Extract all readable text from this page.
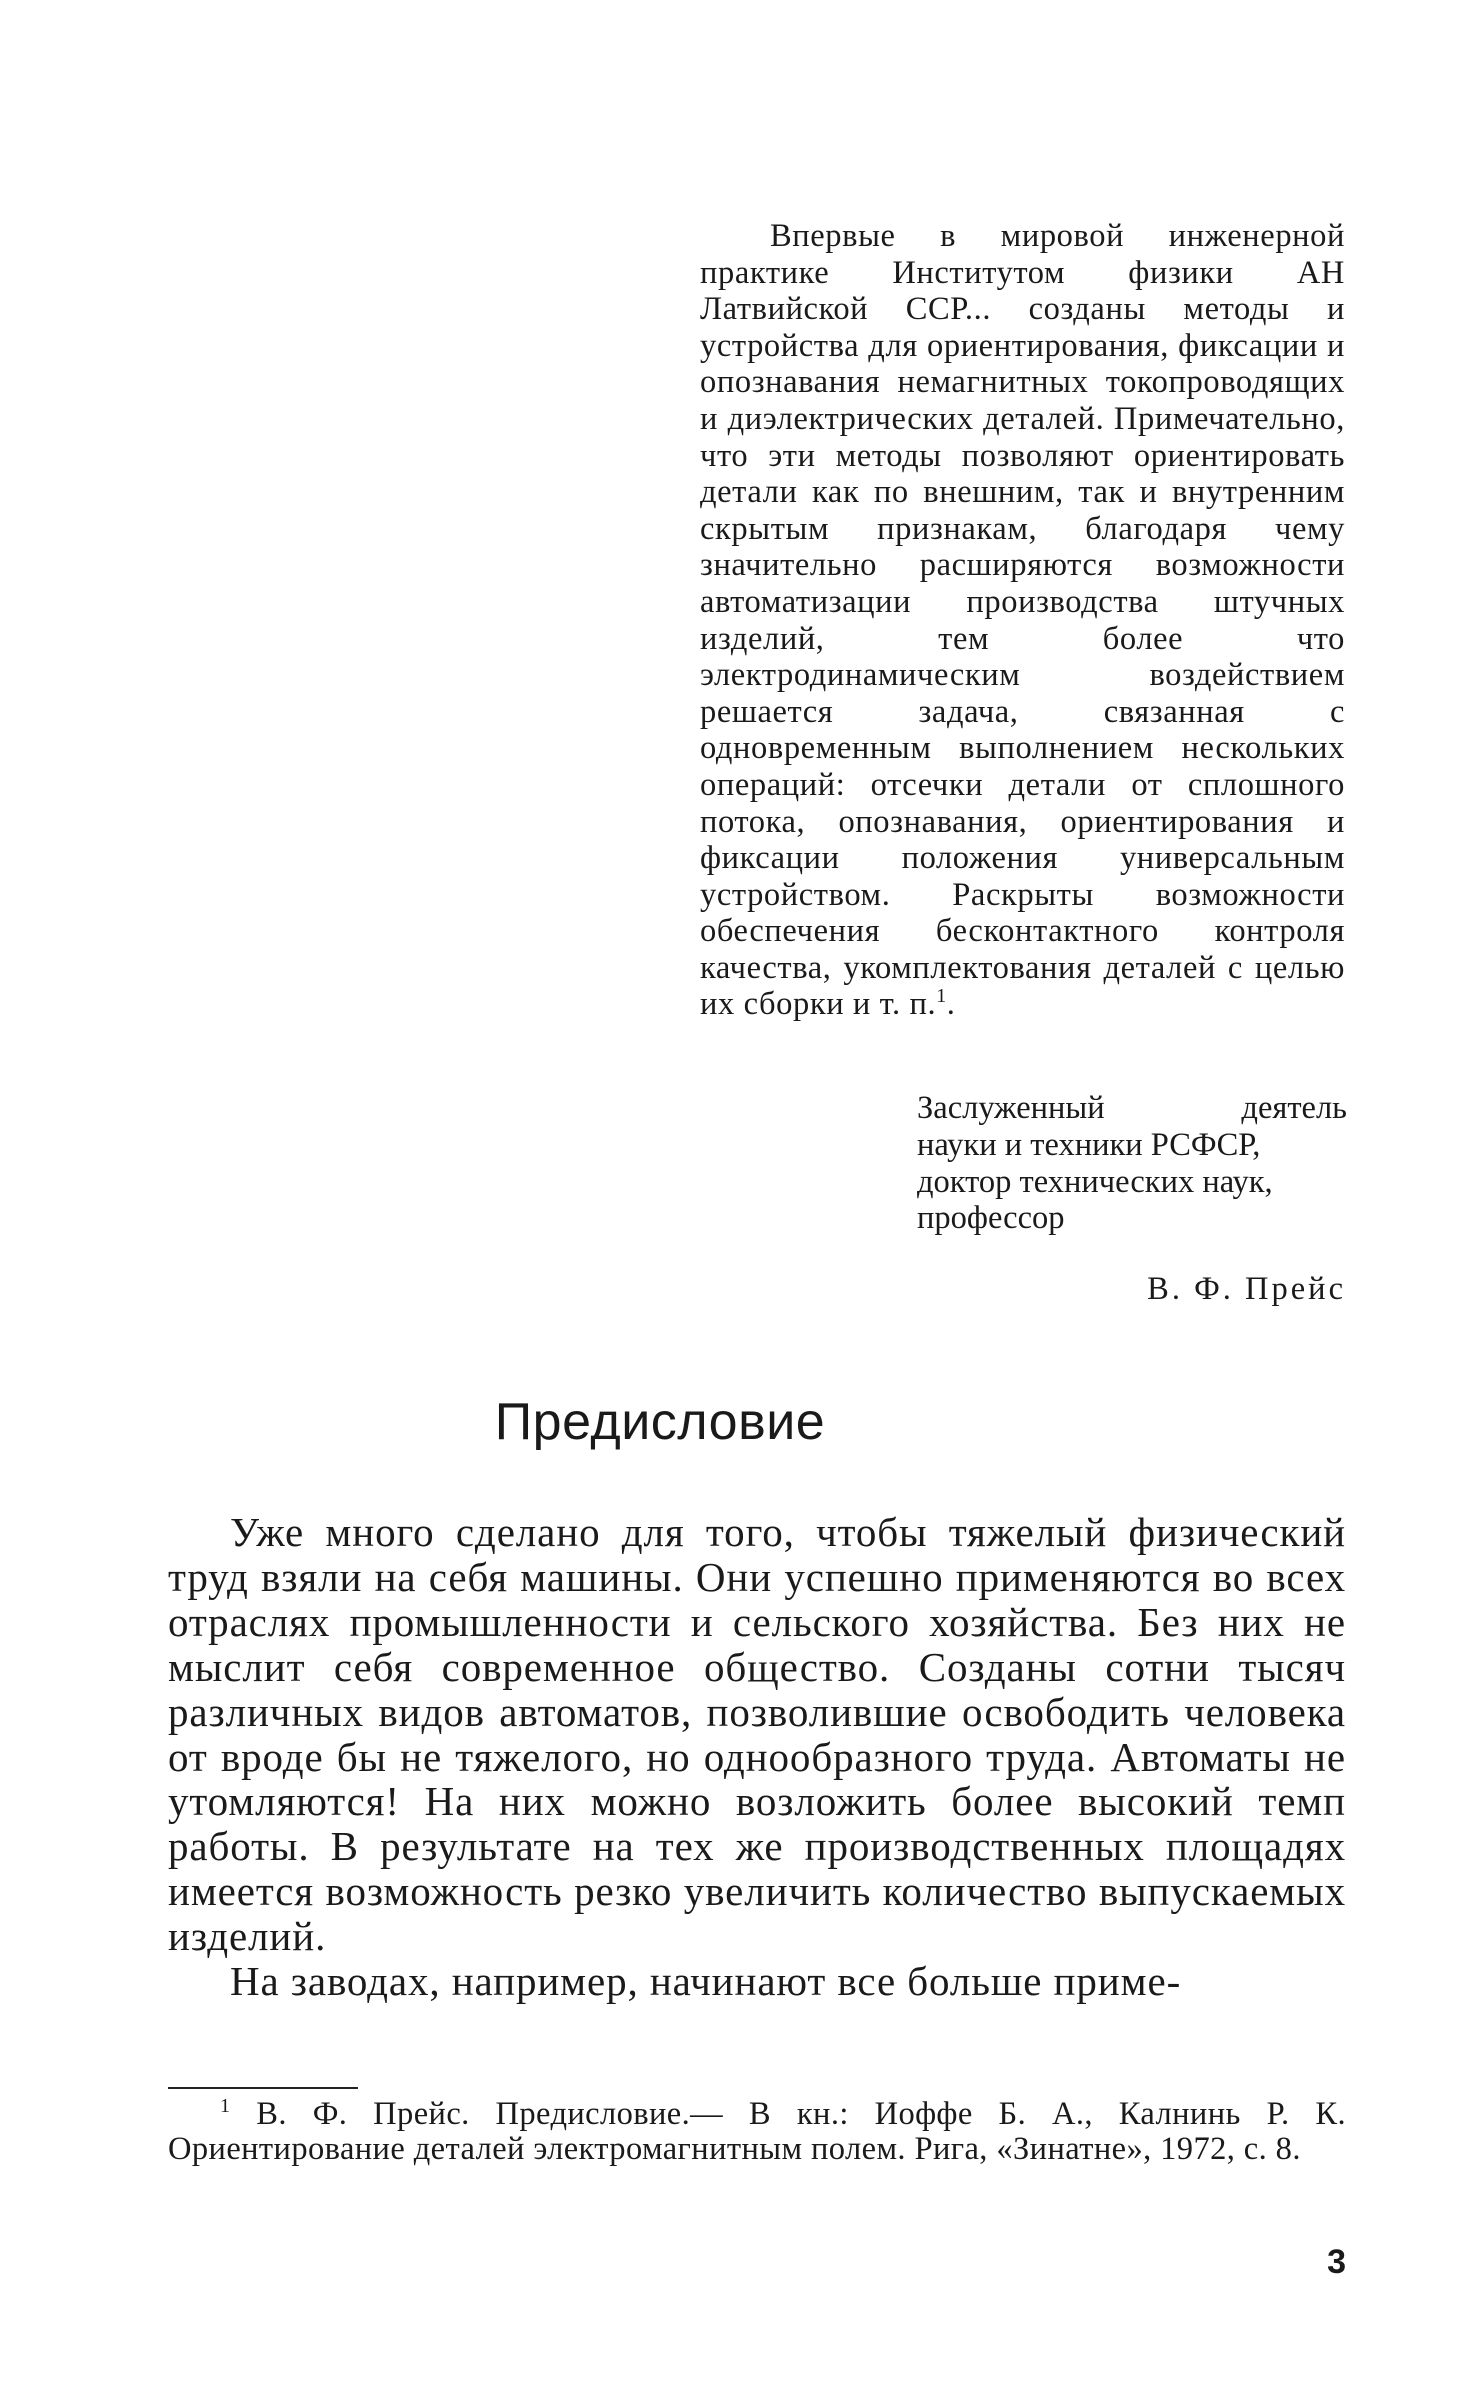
Впервые в мировой инженерной практике Институтом физики АН Латвийской ССР... созданы методы и устройства для ориентирования, фиксации и опознавания немагнитных токопроводящих и диэлектрических деталей. Примечательно, что эти методы позволяют ориентировать детали как по внешним, так и внутренним скрытым признакам, благодаря чему значительно расширяются возможности автоматизации производства штучных изделий, тем более что электродинамическим воздействием решается задача, связанная с одновременным выполнением нескольких операций: отсечки детали от сплошного потока, опознавания, ориентирования и фиксации положения универсальным устройством. Раскрыты возможности обеспечения бесконтактного контроля качества, укомплектования деталей с целью их сборки и т. п.$^1$.

Заслуженный	деятель
науки и техники РСФСР,
доктор технических наук,
профессор
В. Ф. Прейс
Предисловие

Уже много сделано для того, чтобы тяжелый физический труд взяли на себя машины. Они успешно применяются во всех отраслях промышленности и сельского хозяйства. Без них не мыслит себя современное общество. Созданы сотни тысяч различных видов автоматов, позволившие освободить человека от вроде бы не тяжелого, но однообразного труда. Автоматы не утомляются! На них можно возложить более высокий темп работы. В результате на тех же производственных площадях имеется возможность резко увеличить количество выпускаемых изделий.

На заводах, например, начинают все больше приме-

$^1$ В. Ф. Прейс. Предисловие.— В кн.: Иоффе Б. А., Калнинь Р. К. Ориентирование деталей электромагнитным полем. Рига, «Зинатне», 1972, с. 8.

3
